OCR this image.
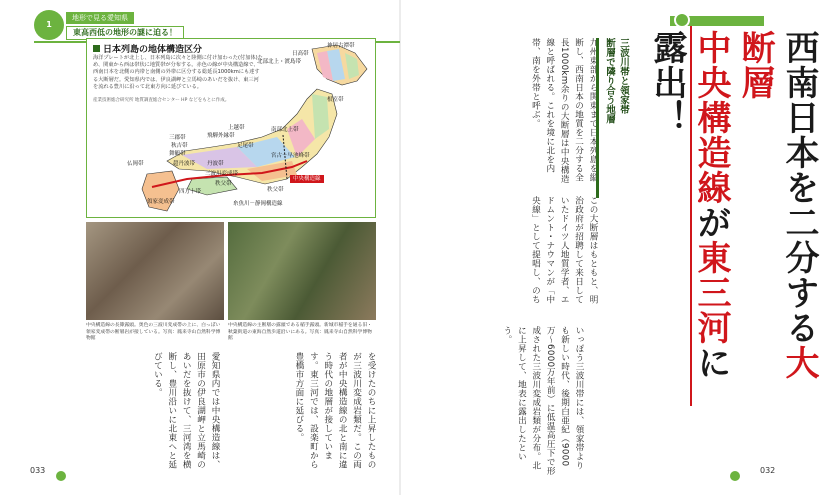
1
地形で見る愛知県
東高西低の地形の謎に迫る！
日本列島の地体構造区分
海洋プレートが北上し、日本列島に次々と陸側に付け加わった(付加体)ため、関東から西は帯状に地質帯が分布する。赤色の線が中央構造線で、西南日本を北側の内帯と南側の外帯に区分する総延長1000kmにも達する大断層だ。愛知県内では、伊良湖岬と立馬崎のあいだを抜け、東三河を流れる豊川に沿って北東方向に延びている。
産業技術総合研究所 地質調査総合センター HP などをもとに作成。
日高帯
北部北上・渡島帯
神居古潭帯
根室帯
上越帯
飛騨外縁帯
南部北上帯
三郡帯
秋吉帯
舞鶴帯
足尾帯
超丹波帯 丹波帯
宮古－早池峰帯
三波川変成帯
秩父帯
領家変成帯
四万十帯	秩父帯
糸魚川－静岡構造線
仏岡帯
中央構造線
中央構造線の長篠露頭。奥色の三波川変成帯の上に、白っぽい領家変成帯の断層岩が接している。写真：鳳来寺山自然科学博物館
中央構造線の主断層の露頭である稲手露頭。新城市稲手を通る旧・秋葉街道の東海自然歩道沿いにある。写真：鳳来寺山自然科学博物館
愛知県内では中央構造線は、田原市の伊良湖岬と立馬崎のあいだを抜けて、三河湾を横断し、豊川沿いに北東へと延びている。	を受けたのちに上昇したものが三波川変成岩類だ。この両者が中央構造線の北と南に違う時代の地層が接しています。東三河では、設楽町から豊橋市方面に延びる。
九州東部から関東まで日本列島を縦断し、西南日本の地質を二分する全長1000km余りの大断層は中央構造線と呼ばれる。これを境に北を内帯、南を外帯と呼ぶ。
この大断層はもともと、明治政府が招聘して来日していたドイツ人地質学者、エドムント・ナウマンが「中央線」として提唱し、のち
いっぽう三波川帯には、領家帯よりも新しい時代、後期白亜紀（9000万〜6000万年前）に低温高圧下で形成された三波川変成岩類が分布。北に上昇して、地表に露出したという。
三波川帯と領家帯
断層で隣り合う地層	西南日本を二分する大断層
中央構造線が東三河に露出！
033	032
